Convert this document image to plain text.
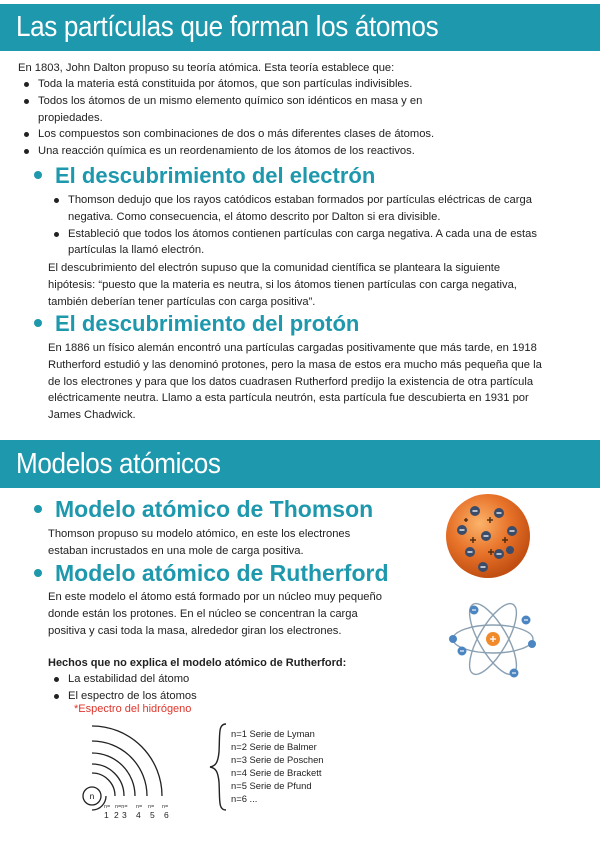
Las partículas que forman los átomos
En 1803, John Dalton propuso su teoría atómica. Esta teoría establece que:
Toda la materia está constituida por átomos, que son partículas indivisibles.
Todos los átomos de un mismo elemento químico son idénticos en masa y en propiedades.
Los compuestos son combinaciones de dos o más diferentes clases de átomos.
Una reacción química es un reordenamiento de los átomos de los reactivos.
El descubrimiento del electrón
Thomson dedujo que los rayos catódicos estaban formados por partículas eléctricas de carga negativa. Como consecuencia, el átomo descrito por Dalton si era divisible.
Estableció que todos los átomos contienen partículas con carga negativa. A cada una de estas partículas la llamó electrón.
El descubrimiento del electrón supuso que la comunidad científica se planteara la siguiente hipótesis: “puesto que la materia es neutra, si los átomos tienen partículas con carga negativa, también deberían tener partículas con carga positiva”.
El descubrimiento del protón
En 1886 un físico alemán encontró una partículas cargadas positivamente que más tarde, en 1918 Rutherford estudió y las denominó protones, pero la masa de estos era mucho más pequeña que la de los electrones y para que los datos cuadrasen Rutherford predijo la existencia de otra partícula eléctricamente neutra. Llamo a esta partícula neutrón, esta partícula fue descubierta en 1931 por James Chadwick.
Modelos atómicos
Modelo atómico de Thomson
Thomson propuso su modelo atómico, en este los electrones estaban incrustados en una mole de carga positiva.
Modelo atómico de Rutherford
En este modelo el átomo está formado por un núcleo muy pequeño donde están los protones. En el núcleo se concentran la carga positiva y casi toda la masa, alrededor giran los electrones.
Hechos que no explica el modelo atómico de Rutherford:
La estabilidad del átomo
El espectro de los átomos
*Espectro del hidrógeno
n
n= n=n= n= n= n=
1 2 3 4 5 6
n=1 Serie de Lyman
n=2 Serie de Balmer
n=3 Serie de Poschen
n=4 Serie de Brackett
n=5 Serie de Pfund
n=6 ...
